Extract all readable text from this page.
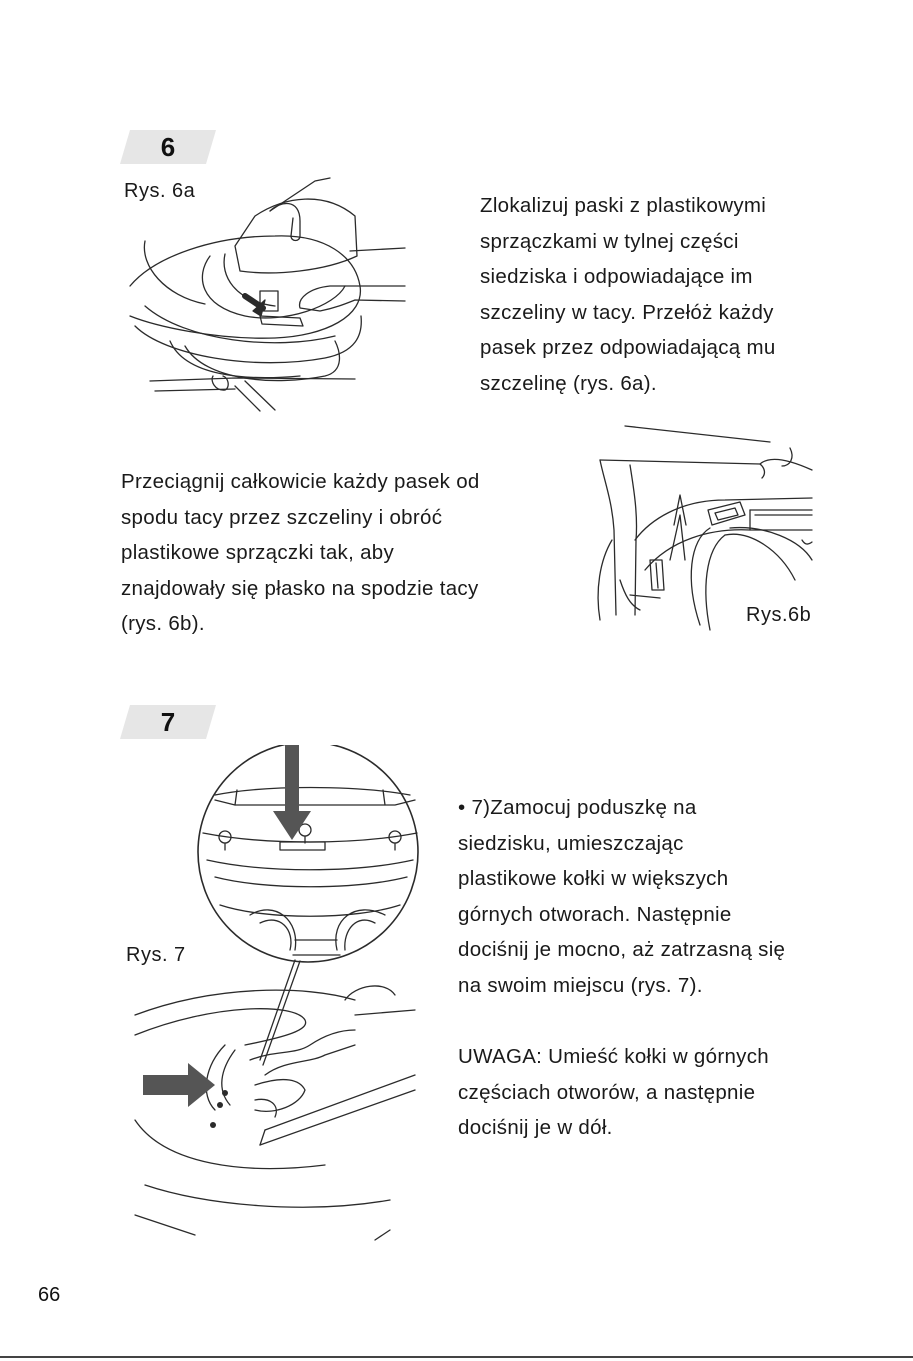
6
Rys. 6a
Zlokalizuj paski z plastikowymi
sprzączkami w tylnej części
siedziska i odpowiadające im
szczeliny w tacy. Przełóż każdy
pasek przez odpowiadającą mu
szczelinę (rys. 6a).
Przeciągnij całkowicie każdy pasek od
spodu tacy przez szczeliny i obróć
plastikowe sprzączki tak, aby
znajdowały się płasko na spodzie tacy
(rys. 6b).	Rys.6b
7
Rys. 7
• 7)Zamocuj poduszkę na
siedzisku, umieszczając
plastikowe kołki w większych
górnych otworach. Następnie
dociśnij je mocno, aż zatrzasną się
na swoim miejscu (rys. 7).
UWAGA: Umieść kołki w górnych
częściach otworów, a następnie
dociśnij je w dół.
66
